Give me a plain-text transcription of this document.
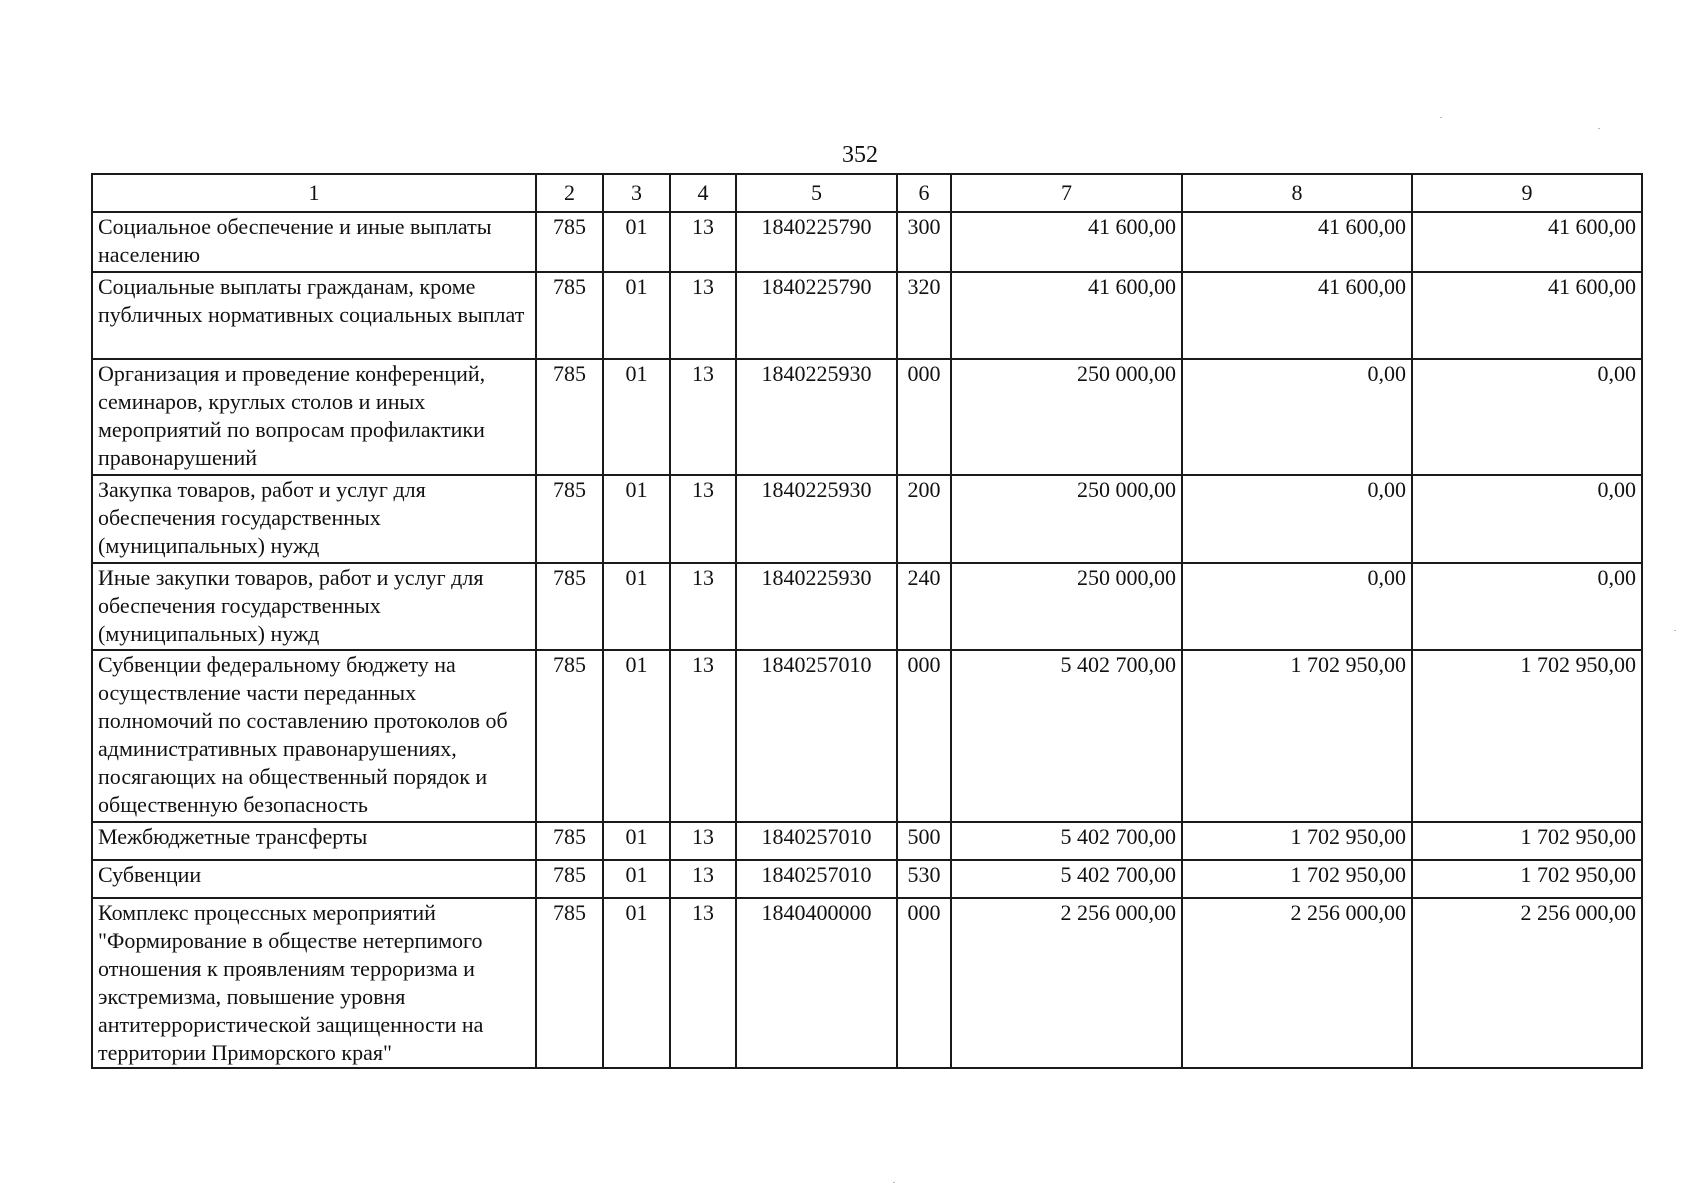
352
1	2	3	4	5	6	7	8	9
Социальное обеспечение и иные выплаты населению	785	01	13	1840225790	300	41 600,00	41 600,00	41 600,00
Социальные выплаты гражданам, кроме публичных нормативных социальных выплат	785	01	13	1840225790	320	41 600,00	41 600,00	41 600,00
Организация и проведение конференций, семинаров, круглых столов и иных мероприятий по вопросам профилактики правонарушений	785	01	13	1840225930	000	250 000,00	0,00	0,00
Закупка товаров, работ и услуг для обеспечения государственных (муниципальных) нужд	785	01	13	1840225930	200	250 000,00	0,00	0,00
Иные закупки товаров, работ и услуг для обеспечения государственных (муниципальных) нужд	785	01	13	1840225930	240	250 000,00	0,00	0,00
Субвенции федеральному бюджету на осуществление части переданных полномочий по составлению протоколов об административных правонарушениях, посягающих на общественный порядок и общественную безопасность	785	01	13	1840257010	000	5 402 700,00	1 702 950,00	1 702 950,00
Межбюджетные трансферты	785	01	13	1840257010	500	5 402 700,00	1 702 950,00	1 702 950,00
Субвенции	785	01	13	1840257010	530	5 402 700,00	1 702 950,00	1 702 950,00
Комплекс процессных мероприятий "Формирование в обществе нетерпимого отношения к проявлениям терроризма и экстремизма, повышение уровня антитеррористической защищенности на территории Приморского края"	785	01	13	1840400000	000	2 256 000,00	2 256 000,00	2 256 000,00
